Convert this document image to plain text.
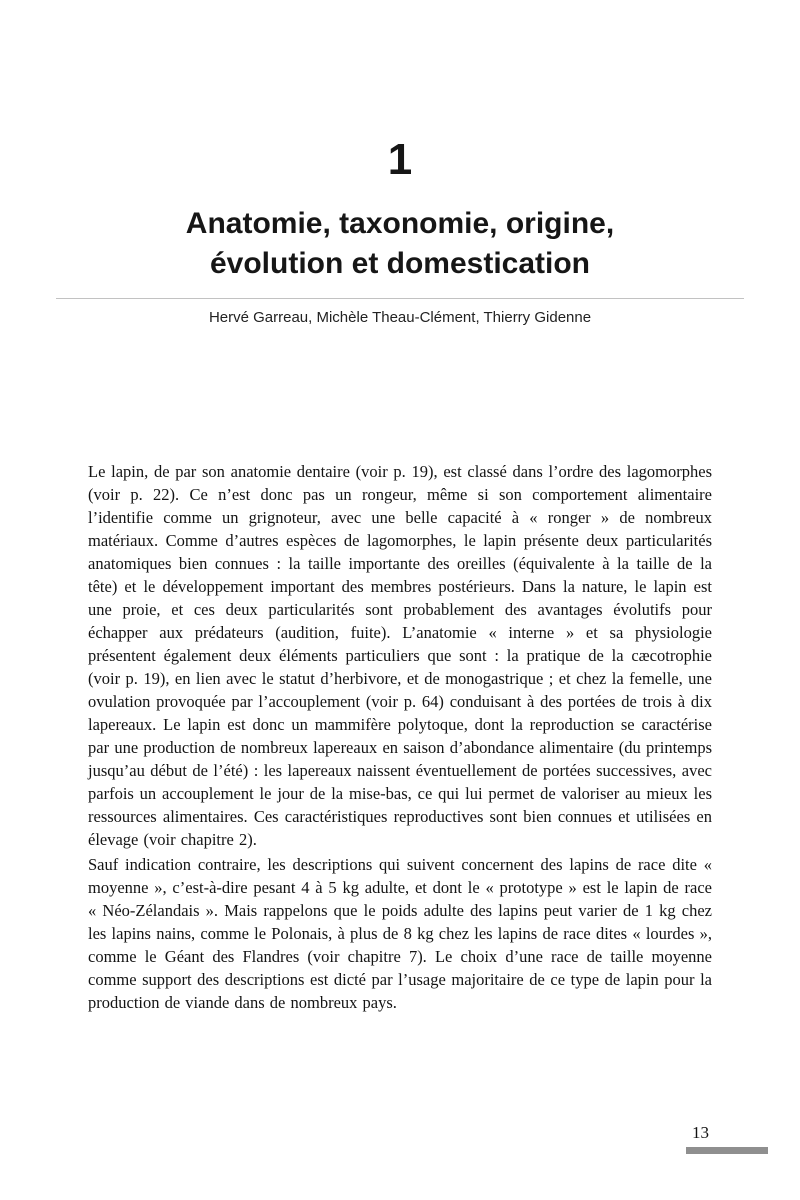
1
Anatomie, taxonomie, origine,
évolution et domestication
Hervé Garreau, Michèle Theau-Clément, Thierry Gidenne

Le lapin, de par son anatomie dentaire (voir p. 19), est classé dans l’ordre des lagomorphes (voir p. 22). Ce n’est donc pas un rongeur, même si son comportement alimentaire l’identifie comme un grignoteur, avec une belle capacité à « ronger » de nombreux matériaux. Comme d’autres espèces de lagomorphes, le lapin présente deux particularités anatomiques bien connues : la taille importante des oreilles (équivalente à la taille de la tête) et le développement important des membres postérieurs. Dans la nature, le lapin est une proie, et ces deux particularités sont probablement des avantages évolutifs pour échapper aux prédateurs (audition, fuite). L’anatomie « interne » et sa physiologie présentent également deux éléments particuliers que sont : la pratique de la cæcotrophie (voir p. 19), en lien avec le statut d’herbivore, et de monogastrique ; et chez la femelle, une ovulation provoquée par l’accouplement (voir p. 64) conduisant à des portées de trois à dix lapereaux. Le lapin est donc un mammifère polytoque, dont la reproduction se caractérise par une production de nombreux lapereaux en saison d’abondance alimentaire (du printemps jusqu’au début de l’été) : les lapereaux naissent éventuellement de portées successives, avec parfois un accouplement le jour de la mise-bas, ce qui lui permet de valoriser au mieux les ressources alimentaires. Ces caractéristiques reproductives sont bien connues et utilisées en élevage (voir chapitre 2).

Sauf indication contraire, les descriptions qui suivent concernent des lapins de race dite « moyenne », c’est-à-dire pesant 4 à 5 kg adulte, et dont le « prototype » est le lapin de race « Néo-Zélandais ». Mais rappelons que le poids adulte des lapins peut varier de 1 kg chez les lapins nains, comme le Polonais, à plus de 8 kg chez les lapins de race dites « lourdes », comme le Géant des Flandres (voir chapitre 7). Le choix d’une race de taille moyenne comme support des descriptions est dicté par l’usage majoritaire de ce type de lapin pour la production de viande dans de nombreux pays.

13
